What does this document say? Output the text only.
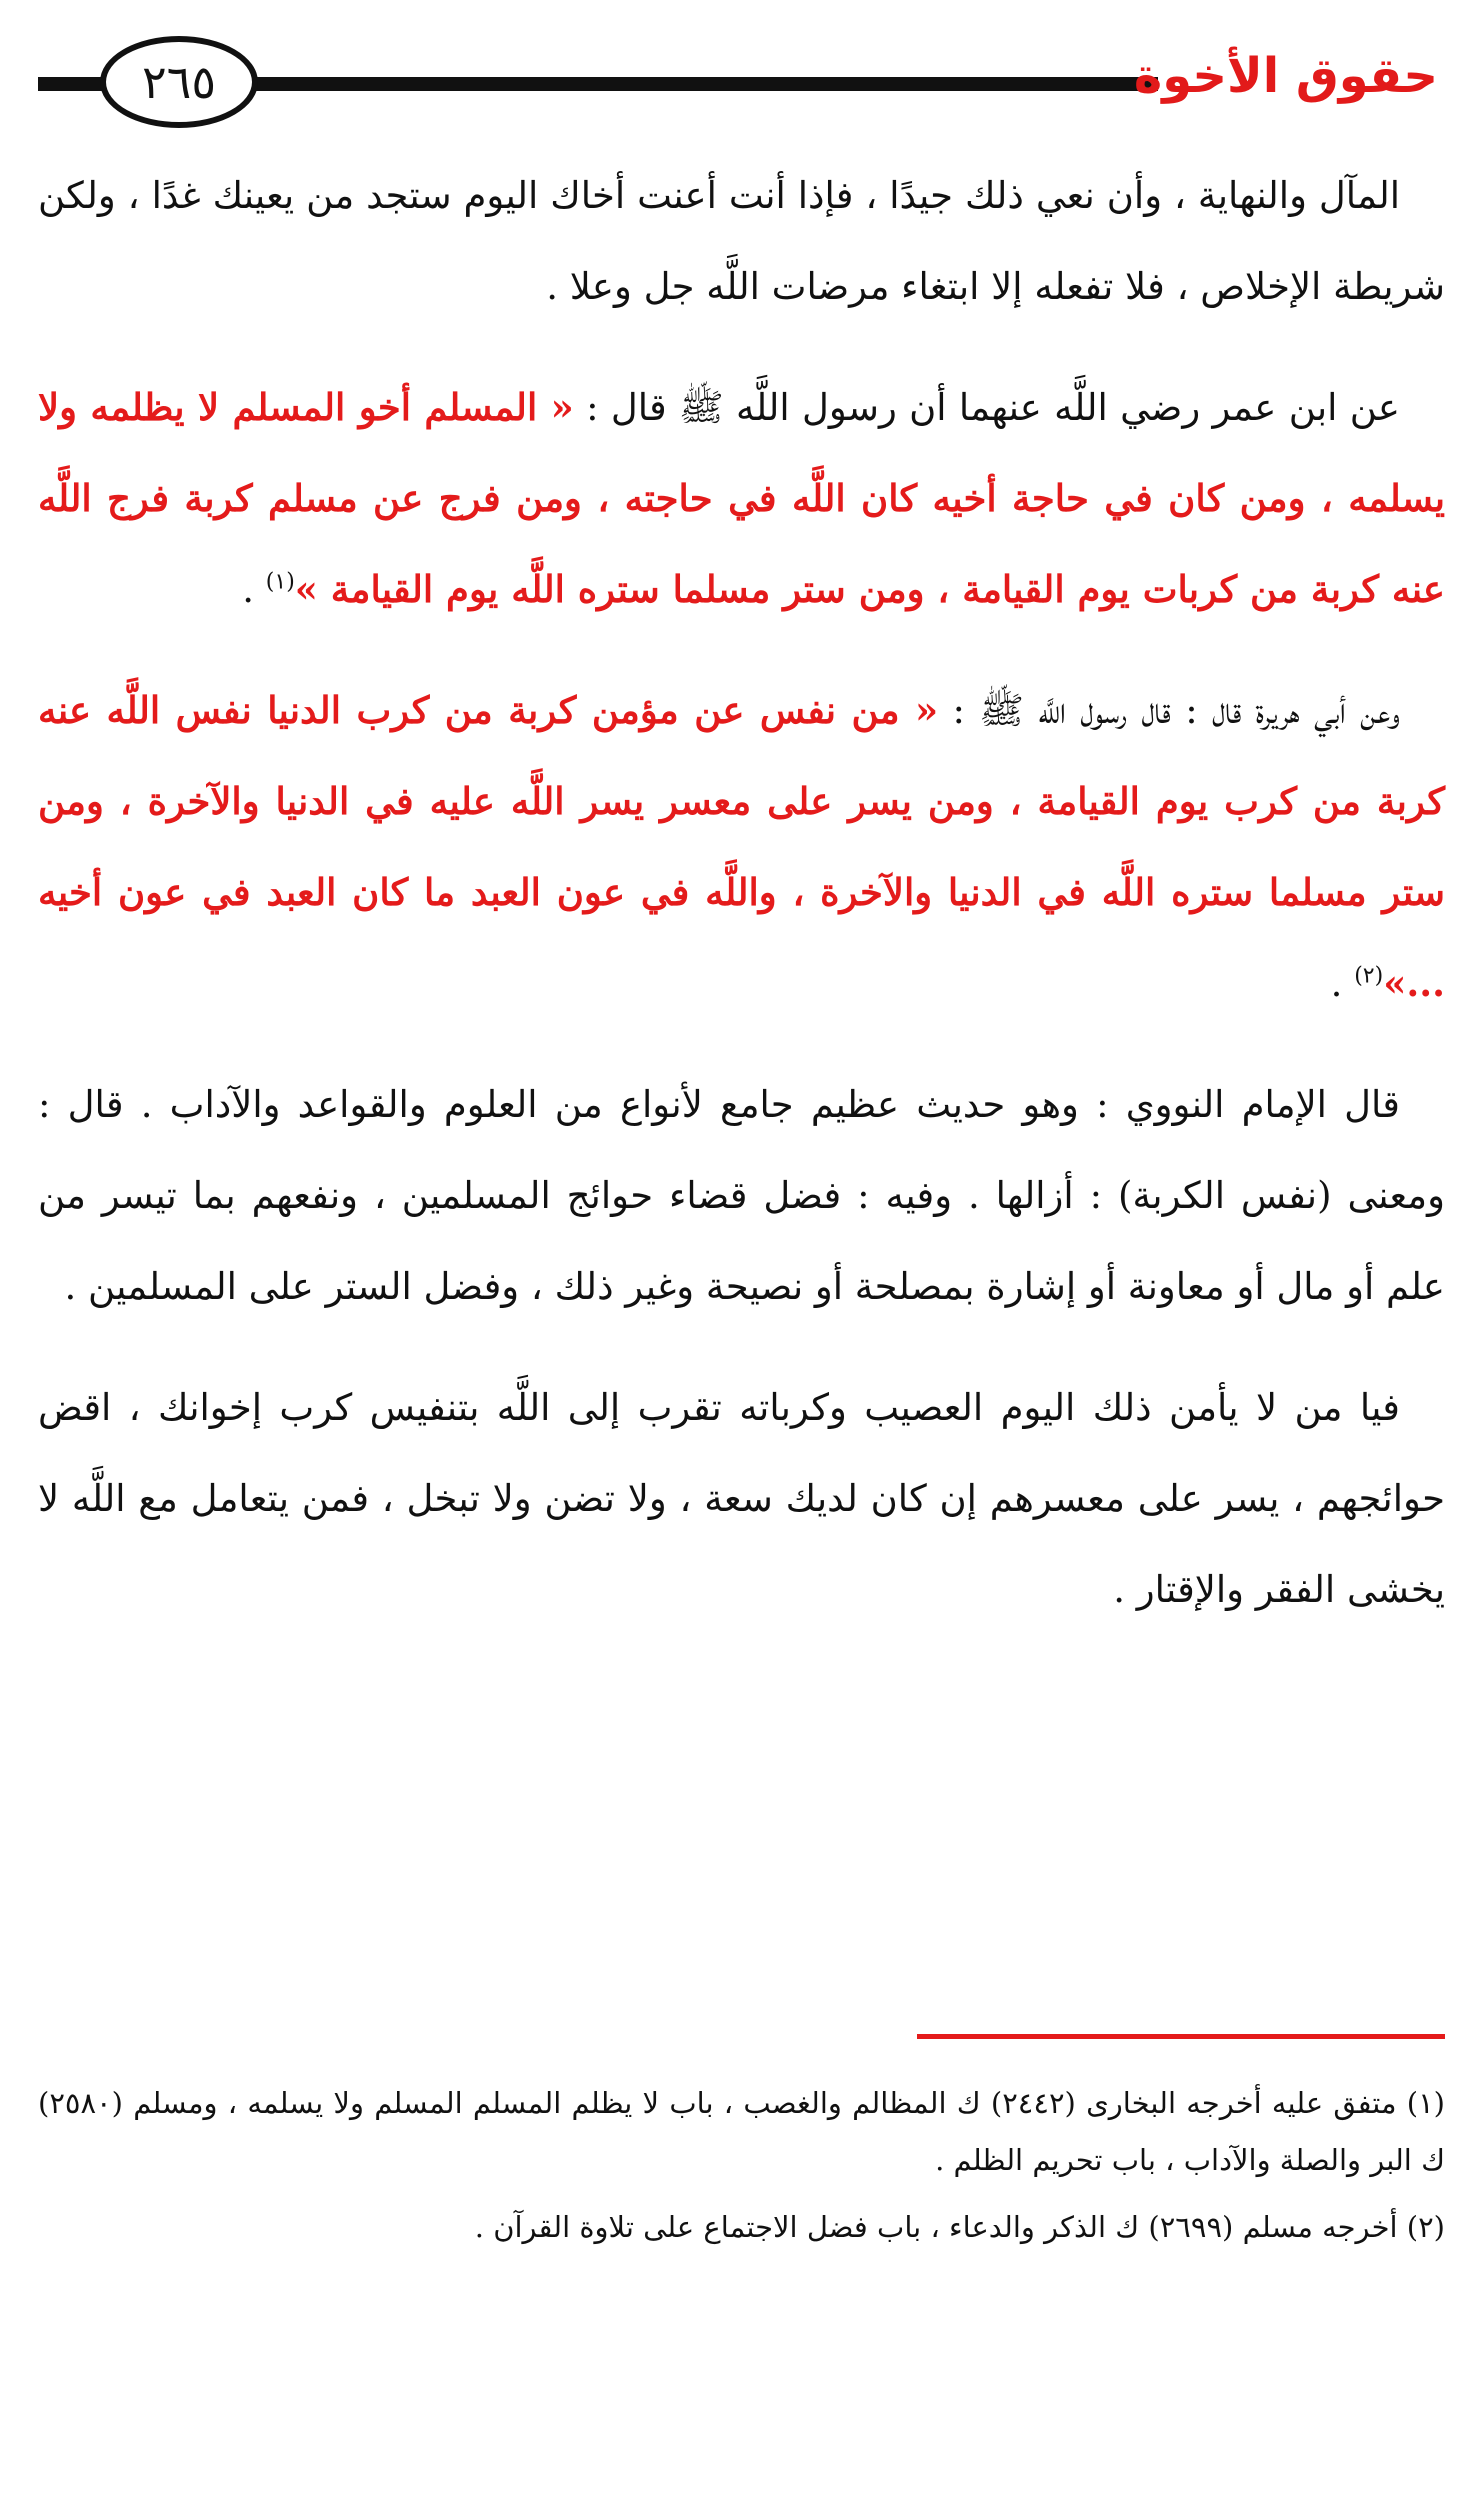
٢٦٥	حقوق الأخوة

المآل والنهاية ، وأن نعي ذلك جيدًا ، فإذا أنت أعنت أخاك اليوم ستجد من يعينك غدًا ، ولكن شريطة الإخلاص ، فلا تفعله إلا ابتغاء مرضات اللَّه جل وعلا .

عن ابن عمر رضي اللَّه عنهما أن رسول اللَّه ﷺ قال : « المسلم أخو المسلم لا يظلمه ولا يسلمه ، ومن كان في حاجة أخيه كان اللَّه في حاجته ، ومن فرج عن مسلم كربة فرج اللَّه عنه كربة من كربات يوم القيامة ، ومن ستر مسلما ستره اللَّه يوم القيامة »$^{(١)}$ .

وعن أبي هريرة قال : قال رسول اللَّه ﷺ : « من نفس عن مؤمن كربة من كرب الدنيا نفس اللَّه عنه كربة من كرب يوم القيامة ، ومن يسر على معسر يسر اللَّه عليه في الدنيا والآخرة ، ومن ستر مسلما ستره اللَّه في الدنيا والآخرة ، واللَّه في عون العبد ما كان العبد في عون أخيه ...»$^{(٢)}$ .

قال الإمام النووي : وهو حديث عظيم جامع لأنواع من العلوم والقواعد والآداب . قال : ومعنى (نفس الكربة) : أزالها . وفيه : فضل قضاء حوائج المسلمين ، ونفعهم بما تيسر من علم أو مال أو معاونة أو إشارة بمصلحة أو نصيحة وغير ذلك ، وفضل الستر على المسلمين .

فيا من لا يأمن ذلك اليوم العصيب وكرباته تقرب إلى اللَّه بتنفيس كرب إخوانك ، اقض حوائجهم ، يسر على معسرهم إن كان لديك سعة ، ولا تضن ولا تبخل ، فمن يتعامل مع اللَّه لا يخشى الفقر والإقتار .

(١) متفق عليه أخرجه البخارى (٢٤٤٢) ك المظالم والغصب ، باب لا يظلم المسلم المسلم ولا يسلمه ، ومسلم (٢٥٨٠) ك البر والصلة والآداب ، باب تحريم الظلم .

(٢) أخرجه مسلم (٢٦٩٩) ك الذكر والدعاء ، باب فضل الاجتماع على تلاوة القرآن .
